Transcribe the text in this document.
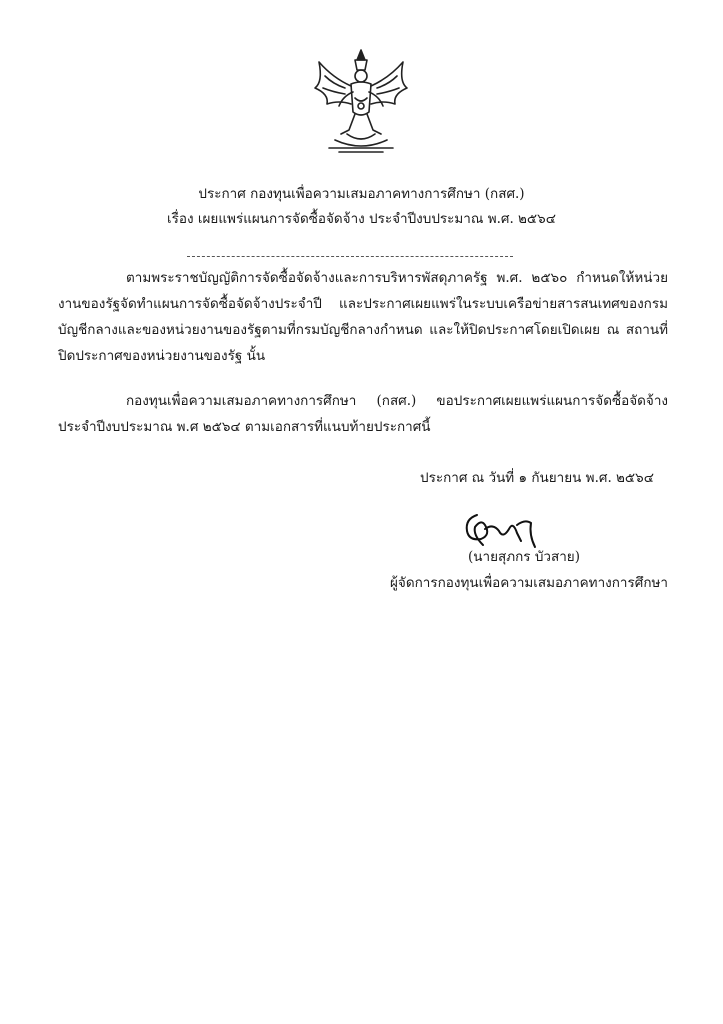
ประกาศ กองทุนเพื่อความเสมอภาคทางการศึกษา (กสศ.)
เรื่อง เผยแพร่แผนการจัดซื้อจัดจ้าง ประจำปีงบประมาณ พ.ศ. ๒๕๖๔
ตามพระราชบัญญัติการจัดซื้อจัดจ้างและการบริหารพัสดุภาครัฐ พ.ศ. ๒๕๖๐ กำหนดให้หน่วยงานของรัฐจัดทำแผนการจัดซื้อจัดจ้างประจำปี และประกาศเผยแพร่ในระบบเครือข่ายสารสนเทศของกรมบัญชีกลางและของหน่วยงานของรัฐตามที่กรมบัญชีกลางกำหนด และให้ปิดประกาศโดยเปิดเผย ณ สถานที่ปิดประกาศของหน่วยงานของรัฐ นั้น
กองทุนเพื่อความเสมอภาคทางการศึกษา (กสศ.) ขอประกาศเผยแพร่แผนการจัดซื้อจัดจ้าง ประจำปีงบประมาณ พ.ศ ๒๕๖๔ ตามเอกสารที่แนบท้ายประกาศนี้
ประกาศ ณ วันที่ ๑ กันยายน พ.ศ. ๒๕๖๔
(นายสุภกร บัวสาย)
ผู้จัดการกองทุนเพื่อความเสมอภาคทางการศึกษา
